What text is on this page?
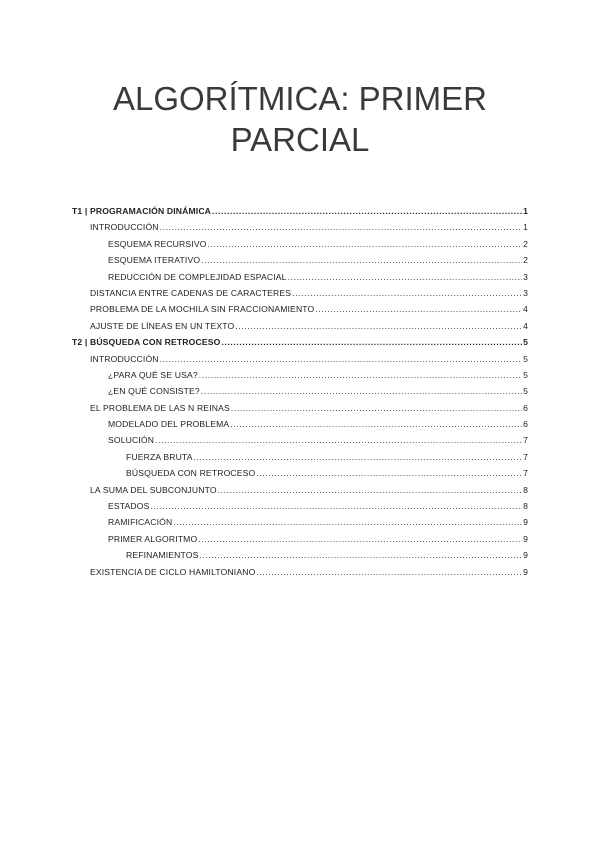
ALGORÍTMICA: PRIMER
PARCIAL
T1 | PROGRAMACIÓN DINÁMICA .....	1
INTRODUCCIÓN .....	1
ESQUEMA RECURSIVO .....	2
ESQUEMA ITERATIVO .....	2
REDUCCIÓN DE COMPLEJIDAD ESPACIAL .....	3
DISTANCIA ENTRE CADENAS DE CARACTERES .....	3
PROBLEMA DE LA MOCHILA SIN FRACCIONAMIENTO .....	4
AJUSTE DE LÍNEAS EN UN TEXTO .....	4
T2 | BÚSQUEDA CON RETROCESO .....	5
INTRODUCCIÓN .....	5
¿PARA QUÉ SE USA? .....	5
¿EN QUÉ CONSISTE? .....	5
EL PROBLEMA DE LAS N REINAS .....	6
MODELADO DEL PROBLEMA .....	6
SOLUCIÓN .....	7
FUERZA BRUTA .....	7
BÚSQUEDA CON RETROCESO .....	7
LA SUMA DEL SUBCONJUNTO .....	8
ESTADOS .....	8
RAMIFICACIÓN .....	9
PRIMER ALGORITMO .....	9
REFINAMIENTOS .....	9
EXISTENCIA DE CICLO HAMILTONIANO .....	9
